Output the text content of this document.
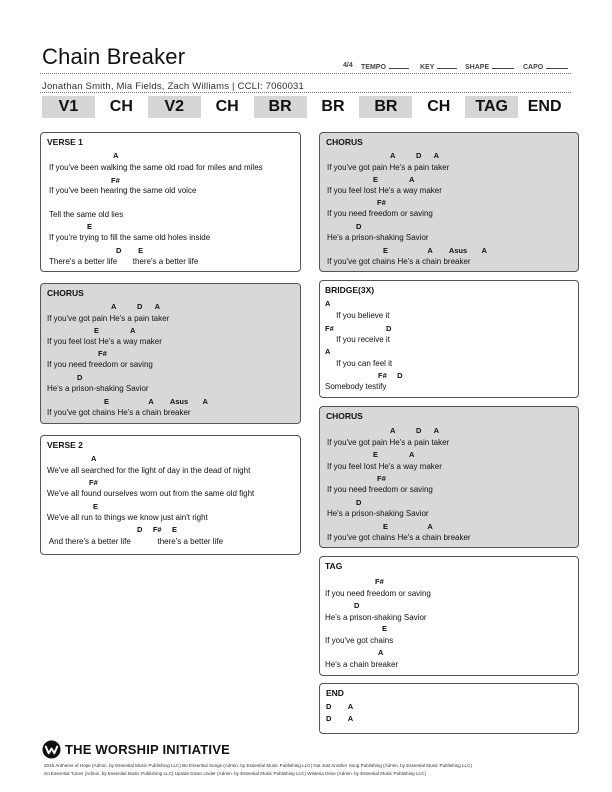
Chain Breaker	4/4 TEMPO	KEY	SHAPE	CAPO
Jonathan Smith, Mia Fields, Zach Williams | CCLI: 7060031
V1	CH	V2	CH	BR	BR	BR	CH	TAG	END
VERSE 1
A
If you've been walking the same old road for miles and miles
F#
If you've been hearing the same old voice
Tell the same old lies
E
If you're trying to fill the same old holes inside
D        E
There's a better life       there's a better life
CHORUS
A          D      A
If you've got pain He's a pain taker
E               A
If you feel lost He's a way maker
F#
If you need freedom or saving
D
He's a prison-shaking Savior
E                   A        Asus       A
If you've got chains He's a chain breaker
VERSE 2
A
We've all searched for the light of day in the dead of night
F#
We've all found ourselves worn out from the same old fight
E
We've all run to things we know just ain't right
D     F#     E
And there's a better life            there's a better life
CHORUS
A          D      A
If you've got pain He's a pain taker
E               A
If you feel lost He's a way maker
F#
If you need freedom or saving
D
He's a prison-shaking Savior
E                   A        Asus       A
If you've got chains He's a chain breaker
BRIDGE(3X)
A
If you believe it
F#	D
If you receive it
A
If you can feel it
F#     D
Somebody testify
CHORUS
A          D      A
If you've got pain He's a pain taker
E               A
If you feel lost He's a way maker
F#
If you need freedom or saving
D
He's a prison-shaking Savior
E                   A
If you've got chains He's a chain breaker
TAG
F#
If you need freedom or saving
D
He's a prison-shaking Savior
E
If you've got chains
A
He's a chain breaker
END
D        A
D        A
THE WORSHIP INITIATIVE
2045 Anthems of Hope (Admin. by Essential Music Publishing LLC) Be Essential Songs (Admin. by Essential Music Publishing LLC) Not Just Another Song Publishing (Admin. by Essential Music Publishing LLC)
So Essential Tunes (Admin. by Essential Music Publishing LLC) Upside Down Under (Admin. by Essential Music Publishing LLC) Wisteria Drive (Admin. by Essential Music Publishing LLC)
